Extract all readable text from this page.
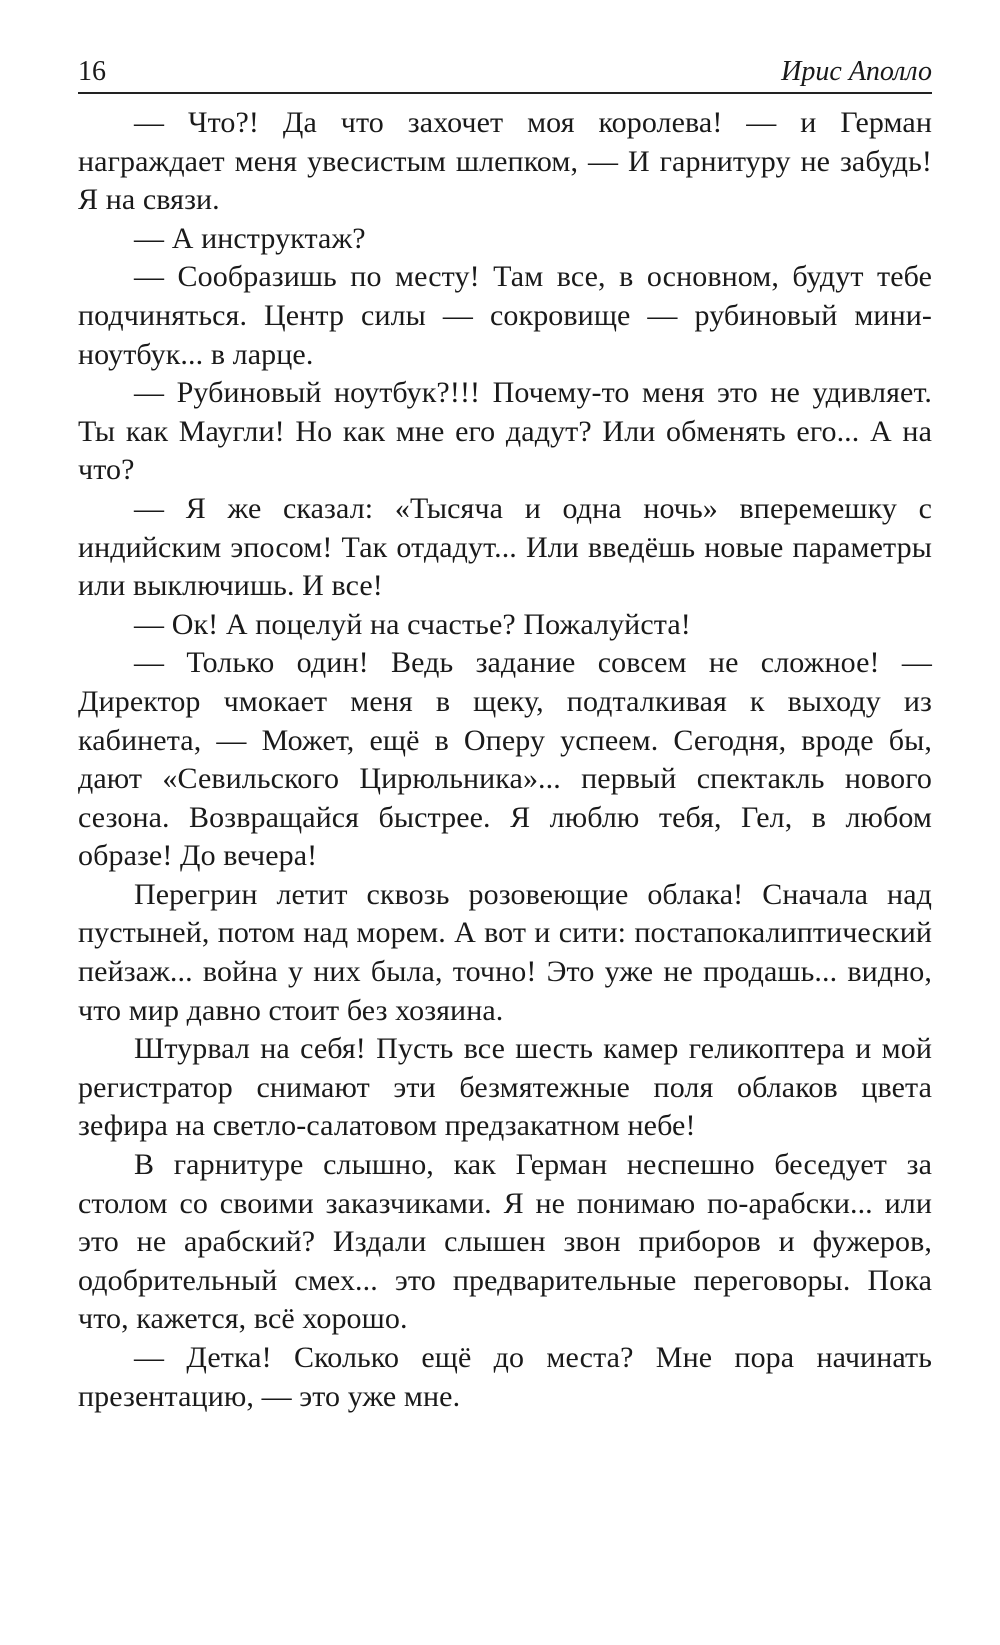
16	Ирис Аполло

— Что?! Да что захочет моя королева! — и Герман награждает меня увесистым шлепком, — И гарнитуру не забудь! Я на связи.

— А инструктаж?

— Сообразишь по месту! Там все, в основном, будут тебе подчиняться. Центр силы — сокровище — рубиновый мини-ноутбук... в ларце.

— Рубиновый ноутбук?!!! Почему-то меня это не удивляет. Ты как Маугли! Но как мне его дадут? Или обменять его... А на что?

— Я же сказал: «Тысяча и одна ночь» вперемешку с индийским эпосом! Так отдадут... Или введёшь новые параметры или выключишь. И все!

— Ок! А поцелуй на счастье? Пожалуйста!

— Только один! Ведь задание совсем не сложное! — Директор чмокает меня в щеку, подталкивая к выходу из кабинета, — Может, ещё в Оперу успеем. Сегодня, вроде бы, дают «Севильского Цирюльника»... первый спектакль нового сезона. Возвращайся быстрее. Я люблю тебя, Гел, в любом образе! До вечера!

Перегрин летит сквозь розовеющие облака! Сначала над пустыней, потом над морем. А вот и сити: постапокалиптический пейзаж... война у них была, точно! Это уже не продашь... видно, что мир давно стоит без хозяина.

Штурвал на себя! Пусть все шесть камер геликоптера и мой регистратор снимают эти безмятежные поля облаков цвета зефира на светло-салатовом предзакатном небе!

В гарнитуре слышно, как Герман неспешно беседует за столом со своими заказчиками. Я не понимаю по-арабски... или это не арабский? Издали слышен звон приборов и фужеров, одобрительный смех... это предварительные переговоры. Пока что, кажется, всё хорошо.

— Детка! Сколько ещё до места? Мне пора начинать презентацию, — это уже мне.
